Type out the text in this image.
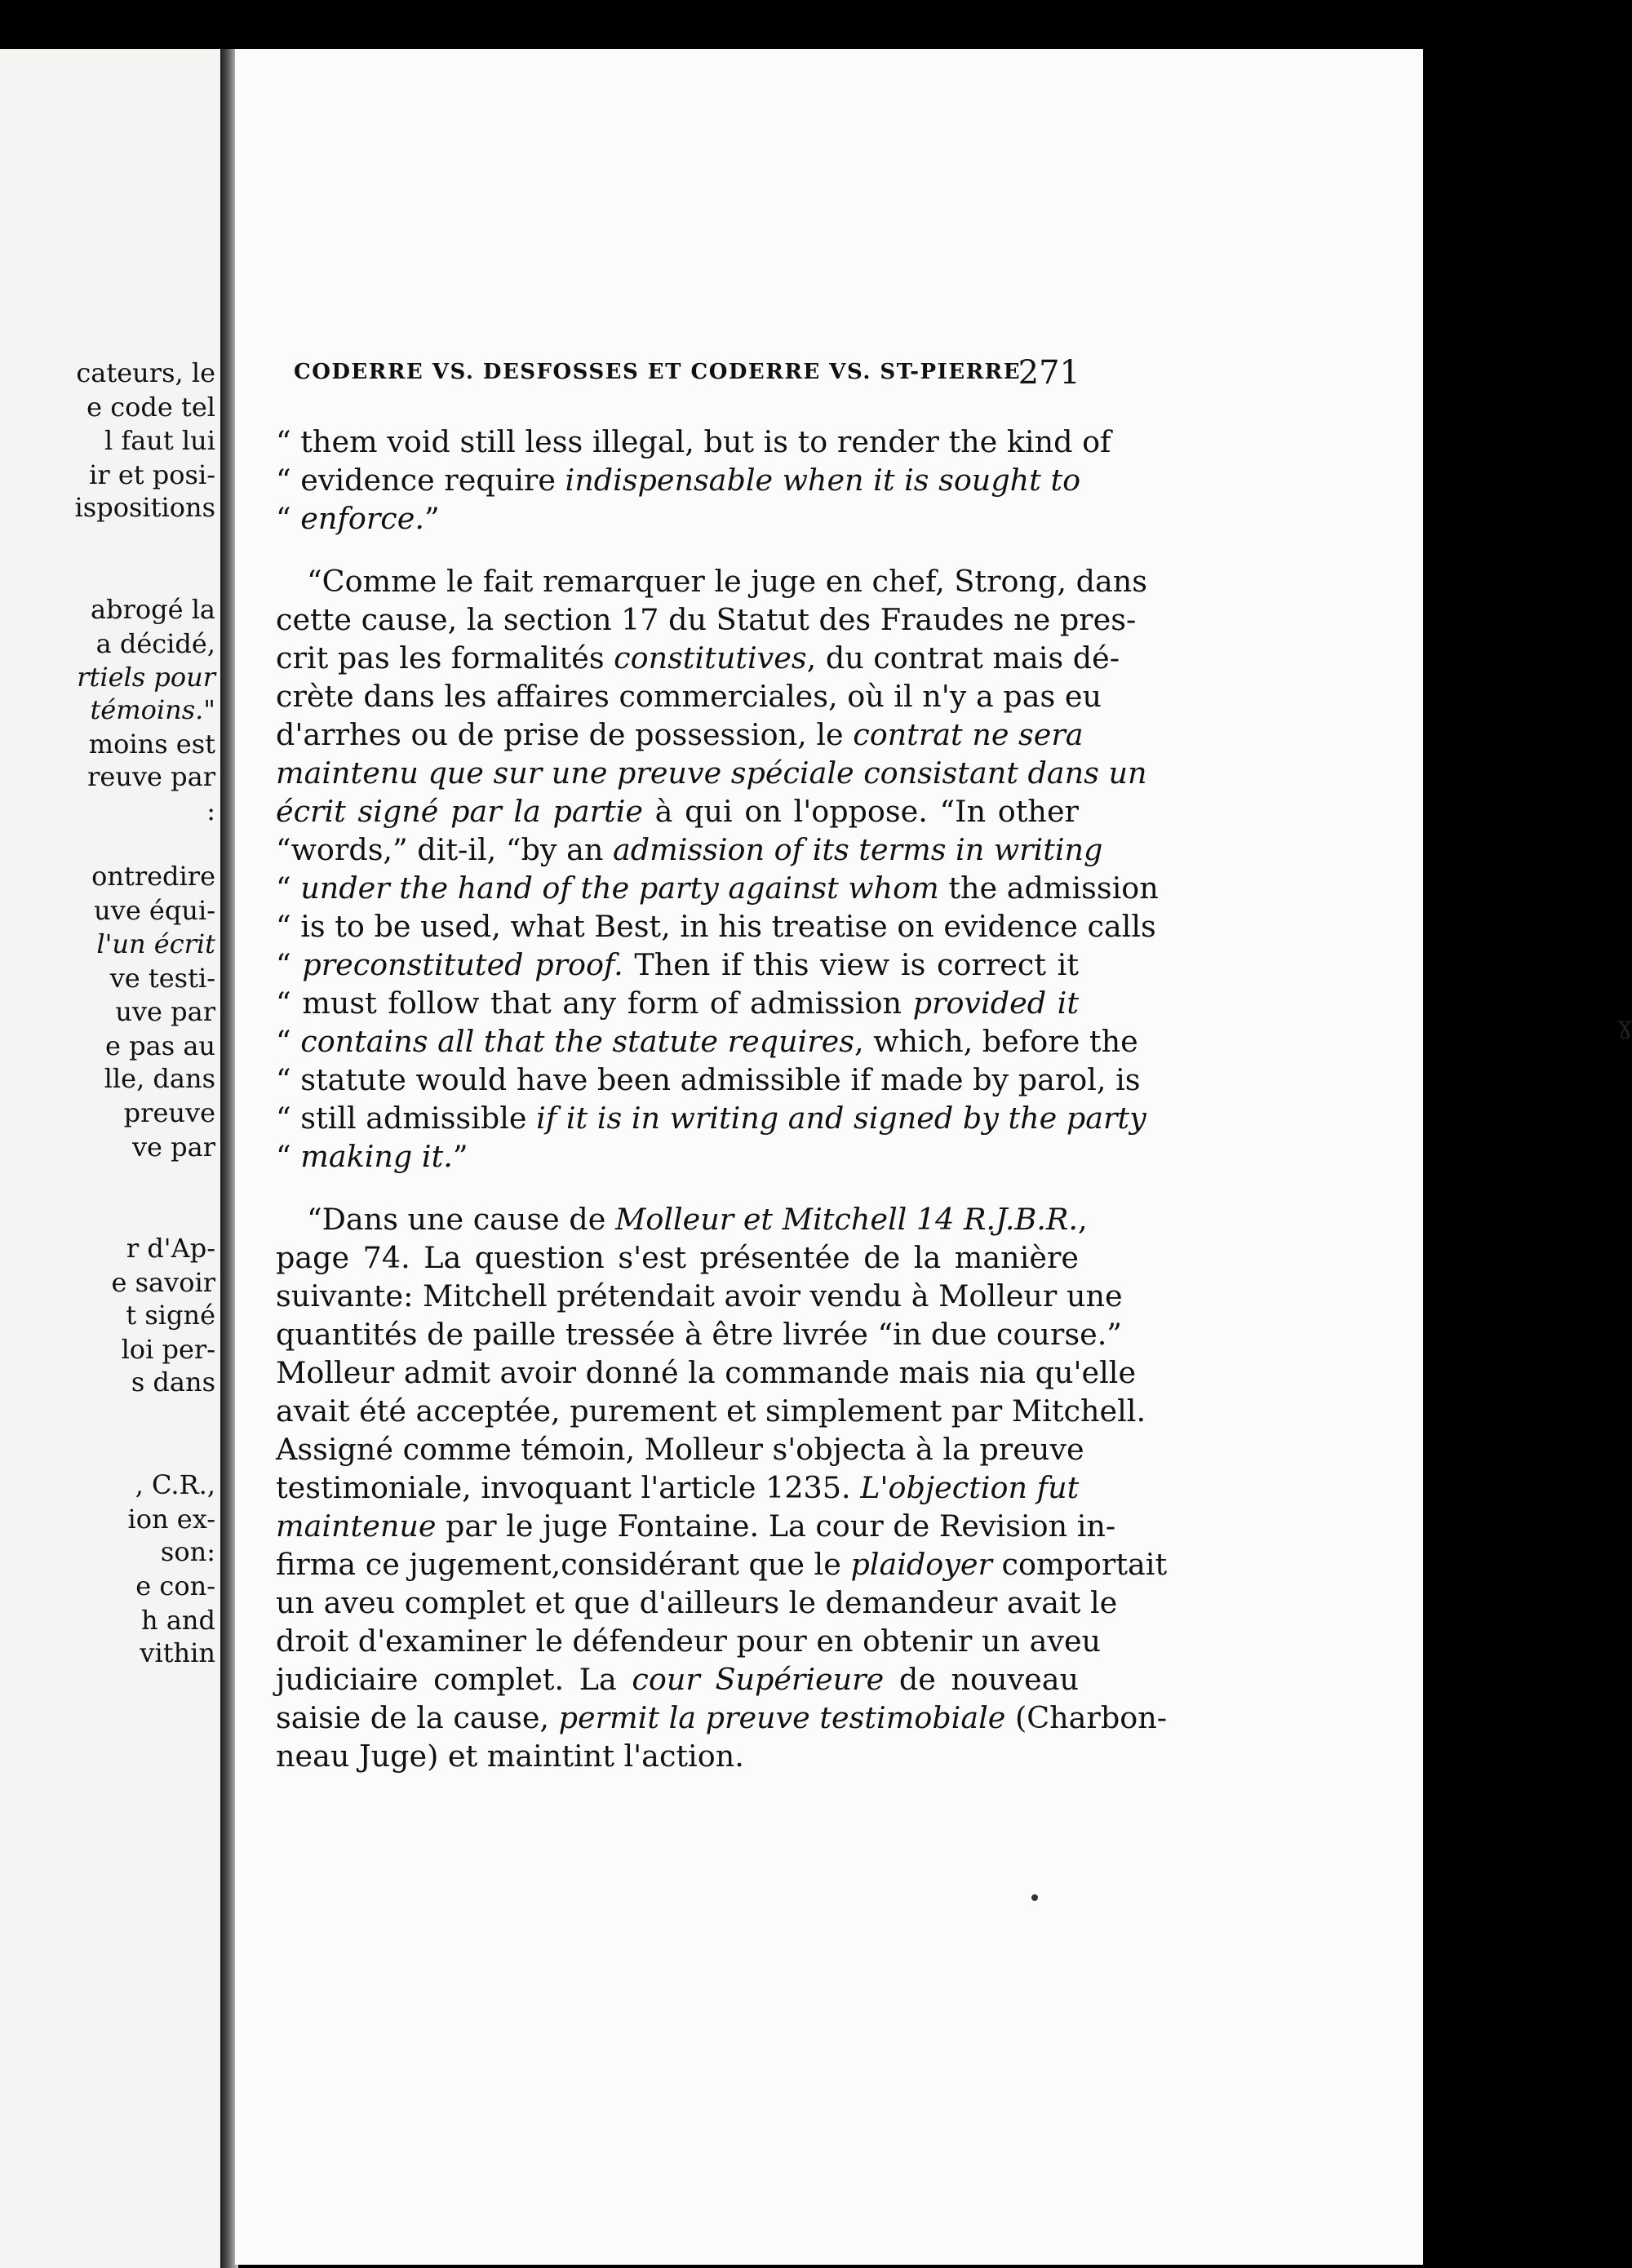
cateurs, le
e code tel
l faut lui
ir et posi-
ispositions
abrogé la
a décidé,
rtiels pour
témoins."
moins est
reuve par
:
ontredire
uve équi-
l'un écrit
ve testi-
uve par
e pas au
lle, dans
preuve
ve par
r d'Ap-
e savoir
t signé
loi per-
s dans
, C.R.,
ion ex-
son:
e con-
h and
vithin
ɣ
CODERRE VS. DESFOSSES ET CODERRE VS. ST-PIERRE
271
“ them void still less illegal, but is to render the kind of
“ evidence require indispensable when it is sought to
“ enforce.”
“Comme le fait remarquer le juge en chef, Strong, dans
cette cause, la section 17 du Statut des Fraudes ne pres-
crit pas les formalités constitutives, du contrat mais dé-
crète dans les affaires commerciales, où il n'y a pas eu
d'arrhes ou de prise de possession, le contrat ne sera
maintenu que sur une preuve spéciale consistant dans un
écrit signé par la partie à qui on l'oppose. “In other
“words,” dit-il, “by an admission of its terms in writing
“ under the hand of the party against whom the admission
“ is to be used, what Best, in his treatise on evidence calls
“ preconstituted proof. Then if this view is correct it
“ must follow that any form of admission provided it
“ contains all that the statute requires, which, before the
“ statute would have been admissible if made by parol, is
“ still admissible if it is in writing and signed by the party
“ making it.”
“Dans une cause de Molleur et Mitchell 14 R.J.B.R.,
page 74. La question s'est présentée de la manière
suivante: Mitchell prétendait avoir vendu à Molleur une
quantités de paille tressée à être livrée “in due course.”
Molleur admit avoir donné la commande mais nia qu'elle
avait été acceptée, purement et simplement par Mitchell.
Assigné comme témoin, Molleur s'objecta à la preuve
testimoniale, invoquant l'article 1235. L'objection fut
maintenue par le juge Fontaine. La cour de Revision in-
firma ce jugement,considérant que le plaidoyer comportait
un aveu complet et que d'ailleurs le demandeur avait le
droit d'examiner le défendeur pour en obtenir un aveu
judiciaire complet. La cour Supérieure de nouveau
saisie de la cause, permit la preuve testimobiale (Charbon-
neau Juge) et maintint l'action.
